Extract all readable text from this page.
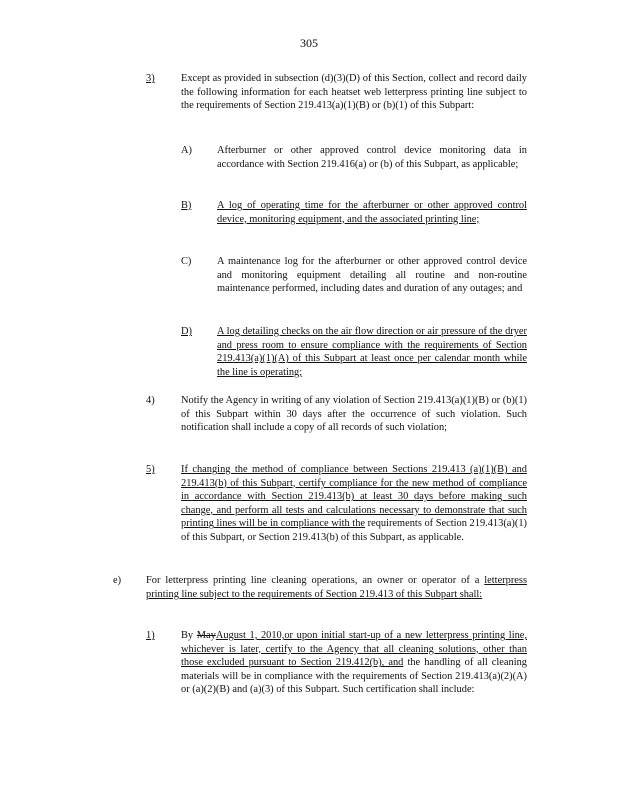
305
3)	Except as provided in subsection (d)(3)(D) of this Section, collect and record daily the following information for each heatset web letterpress printing line subject to the requirements of Section 219.413(a)(1)(B) or (b)(1) of this Subpart:
A) Afterburner or other approved control device monitoring data in accordance with Section 219.416(a) or (b) of this Subpart, as applicable;
B) A log of operating time for the afterburner or other approved control device, monitoring equipment, and the associated printing line;
C) A maintenance log for the afterburner or other approved control device and monitoring equipment detailing all routine and non-routine maintenance performed, including dates and duration of any outages; and
D) A log detailing checks on the air flow direction or air pressure of the dryer and press room to ensure compliance with the requirements of Section 219.413(a)(1)(A) of this Subpart at least once per calendar month while the line is operating;
4)	Notify the Agency in writing of any violation of Section 219.413(a)(1)(B) or (b)(1) of this Subpart within 30 days after the occurrence of such violation. Such notification shall include a copy of all records of such violation;
5)	If changing the method of compliance between Sections 219.413 (a)(1)(B) and 219.413(b) of this Subpart, certify compliance for the new method of compliance in accordance with Section 219.413(b) at least 30 days before making such change, and perform all tests and calculations necessary to demonstrate that such printing lines will be in compliance with the requirements of Section 219.413(a)(1) of this Subpart, or Section 219.413(b) of this Subpart, as applicable.
e) For letterpress printing line cleaning operations, an owner or operator of a letterpress printing line subject to the requirements of Section 219.413 of this Subpart shall:
1)	By MayAugust 1, 2010,or upon initial start-up of a new letterpress printing line, whichever is later, certify to the Agency that all cleaning solutions, other than those excluded pursuant to Section 219.412(b), and the handling of all cleaning materials will be in compliance with the requirements of Section 219.413(a)(2)(A) or (a)(2)(B) and (a)(3) of this Subpart. Such certification shall include:
